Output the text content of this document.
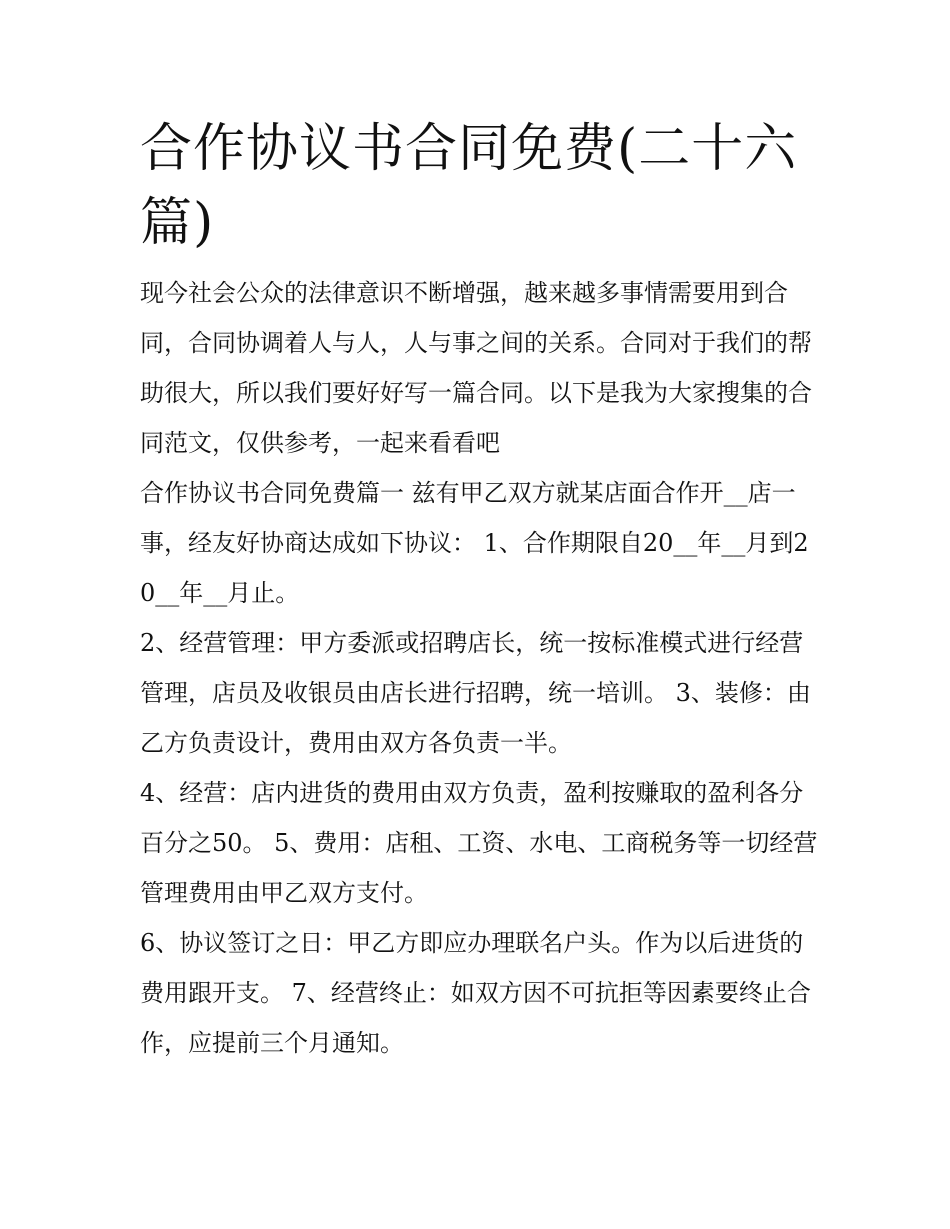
合作协议书合同免费(二十六篇)

现今社会公众的法律意识不断增强，越来越多事情需要用到合同，合同协调着人与人，人与事之间的关系。合同对于我们的帮助很大，所以我们要好好写一篇合同。以下是我为大家搜集的合同范文，仅供参考，一起来看看吧

合作协议书合同免费篇一 兹有甲乙双方就某店面合作开__店一事，经友好协商达成如下协议： 1、合作期限自20__年__月到20__年__月止。

2、经营管理：甲方委派或招聘店长，统一按标准模式进行经营管理，店员及收银员由店长进行招聘，统一培训。 3、装修：由乙方负责设计，费用由双方各负责一半。

4、经营：店内进货的费用由双方负责，盈利按赚取的盈利各分百分之50。 5、费用：店租、工资、水电、工商税务等一切经营管理费用由甲乙双方支付。

6、协议签订之日：甲乙方即应办理联名户头。作为以后进货的费用跟开支。 7、经营终止：如双方因不可抗拒等因素要终止合作，应提前三个月通知。
